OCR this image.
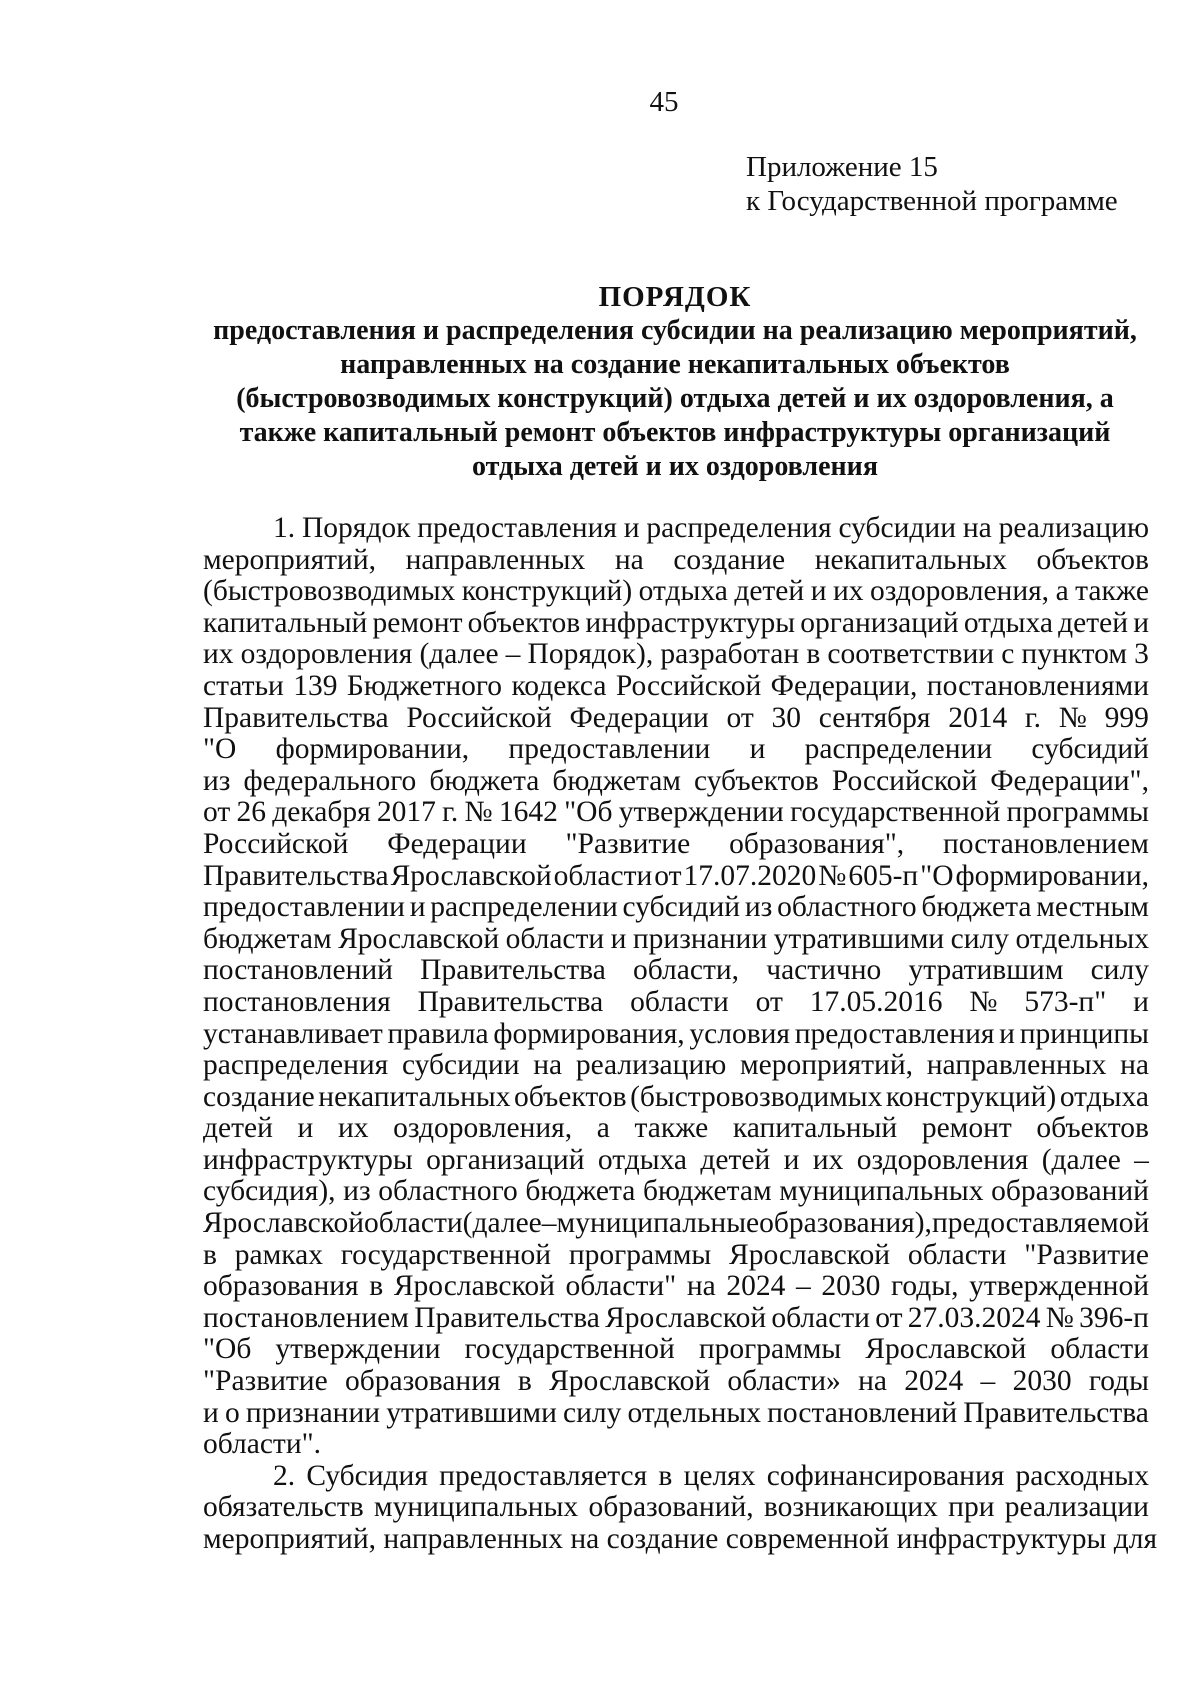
45
Приложение 15
к Государственной программе
ПОРЯДОК
предоставления и распределения субсидии на реализацию мероприятий,
направленных на создание некапитальных объектов
(быстровозводимых конструкций) отдыха детей и их оздоровления, а
также капитальный ремонт объектов инфраструктуры организаций
отдыха детей и их оздоровления
1. Порядок предоставления и распределения субсидии на реализацию
мероприятий, направленных на создание некапитальных объектов
(быстровозводимых конструкций) отдыха детей и их оздоровления, а также
капитальный ремонт объектов инфраструктуры организаций отдыха детей и
их оздоровления (далее – Порядок), разработан в соответствии с пунктом 3
статьи 139 Бюджетного кодекса Российской Федерации, постановлениями
Правительства Российской Федерации от 30 сентября 2014 г. № 999
"О формировании, предоставлении и распределении субсидий
из федерального бюджета бюджетам субъектов Российской Федерации",
от 26 декабря 2017 г. № 1642 "Об утверждении государственной программы
Российской Федерации "Развитие образования", постановлением
Правительства Ярославской области от 17.07.2020 № 605-п "О формировании,
предоставлении и распределении субсидий из областного бюджета местным
бюджетам Ярославской области и признании утратившими силу отдельных
постановлений Правительства области, частично утратившим силу
постановления Правительства области от 17.05.2016 № 573-п" и
устанавливает правила формирования, условия предоставления и принципы
распределения субсидии на реализацию мероприятий, направленных на
создание некапитальных объектов (быстровозводимых конструкций) отдыха
детей и их оздоровления, а также капитальный ремонт объектов
инфраструктуры организаций отдыха детей и их оздоровления (далее –
субсидия), из областного бюджета бюджетам муниципальных образований
Ярославской области (далее – муниципальные образования), предоставляемой
в рамках государственной программы Ярославской области "Развитие
образования в Ярославской области" на 2024 – 2030 годы, утвержденной
постановлением Правительства Ярославской области от 27.03.2024 № 396-п
"Об утверждении государственной программы Ярославской области
"Развитие образования в Ярославской области» на 2024 – 2030 годы
и о признании утратившими силу отдельных постановлений Правительства
области".
2. Субсидия предоставляется в целях софинансирования расходных
обязательств муниципальных образований, возникающих при реализации
мероприятий, направленных на создание современной инфраструктуры для
